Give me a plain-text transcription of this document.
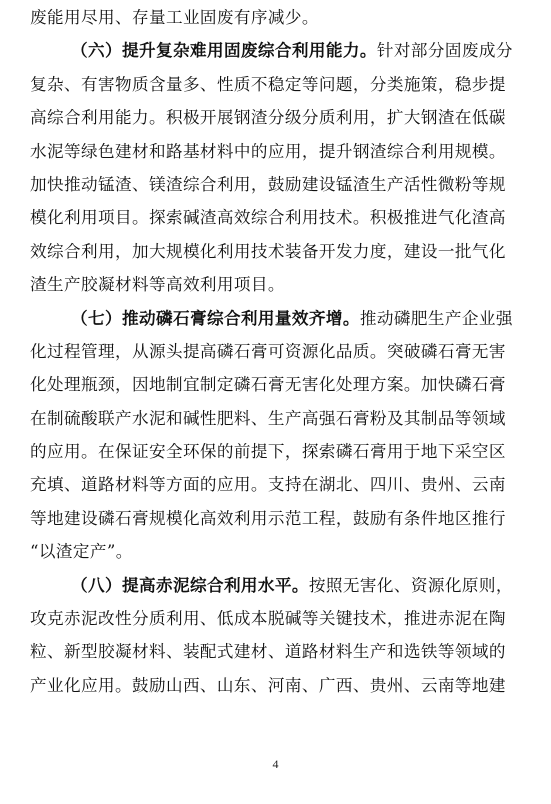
废能用尽用、存量工业固废有序减少。
（六）提升复杂难用固废综合利用能力。针对部分固废成分
复杂、有害物质含量多、性质不稳定等问题，分类施策，稳步提
高综合利用能力。积极开展钢渣分级分质利用，扩大钢渣在低碳
水泥等绿色建材和路基材料中的应用，提升钢渣综合利用规模。
加快推动锰渣、镁渣综合利用，鼓励建设锰渣生产活性微粉等规
模化利用项目。探索碱渣高效综合利用技术。积极推进气化渣高
效综合利用，加大规模化利用技术装备开发力度，建设一批气化
渣生产胶凝材料等高效利用项目。
（七）推动磷石膏综合利用量效齐增。推动磷肥生产企业强
化过程管理，从源头提高磷石膏可资源化品质。突破磷石膏无害
化处理瓶颈，因地制宜制定磷石膏无害化处理方案。加快磷石膏
在制硫酸联产水泥和碱性肥料、生产高强石膏粉及其制品等领域
的应用。在保证安全环保的前提下，探索磷石膏用于地下采空区
充填、道路材料等方面的应用。支持在湖北、四川、贵州、云南
等地建设磷石膏规模化高效利用示范工程，鼓励有条件地区推行
“以渣定产”。
（八）提高赤泥综合利用水平。按照无害化、资源化原则，
攻克赤泥改性分质利用、低成本脱碱等关键技术，推进赤泥在陶
粒、新型胶凝材料、装配式建材、道路材料生产和选铁等领域的
产业化应用。鼓励山西、山东、河南、广西、贵州、云南等地建
4
